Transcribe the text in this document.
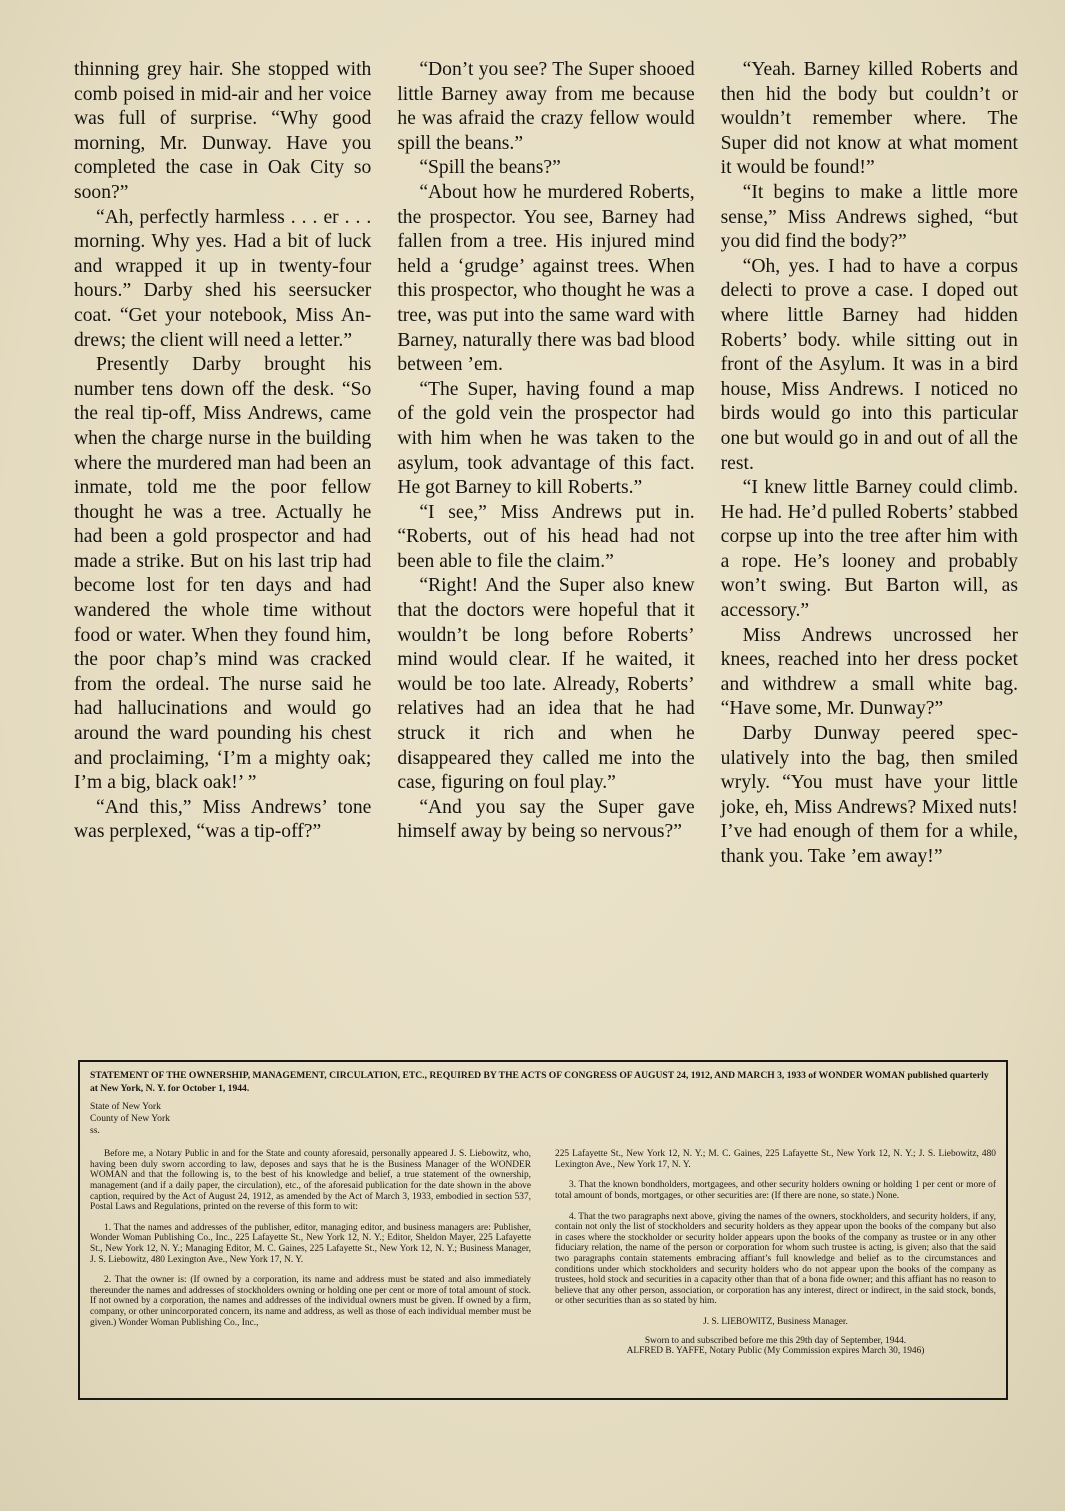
thinning grey hair. She stopped with comb poised in mid-air and her voice was full of surprise. “Why good morning, Mr. Dunway. Have you completed the case in Oak City so soon?”

“Ah, perfectly harmless . . . er . . . morning. Why yes. Had a bit of luck and wrapped it up in twenty-four hours.” Darby shed his seersucker coat. “Get your notebook, Miss Andrews; the client will need a letter.”

Presently Darby brought his number tens down off the desk. “So the real tip-off, Miss Andrews, came when the charge nurse in the building where the murdered man had been an inmate, told me the poor fellow thought he was a tree. Actually he had been a gold prospector and had made a strike. But on his last trip had become lost for ten days and had wandered the whole time without food or water. When they found him, the poor chap’s mind was cracked from the ordeal. The nurse said he had hallucinations and would go around the ward pounding his chest and proclaiming, ‘I’m a mighty oak; I’m a big, black oak!’ ”

“And this,” Miss Andrews’ tone was perplexed, “was a tip-off?”

“Don’t you see? The Super shooed little Barney away from me because he was afraid the crazy fellow would spill the beans.”

“Spill the beans?”

“About how he murdered Roberts, the prospector. You see, Barney had fallen from a tree. His injured mind held a ‘grudge’ against trees. When this prospector, who thought he was a tree, was put into the same ward with Barney, naturally there was bad blood between ’em.

“The Super, having found a map of the gold vein the prospector had with him when he was taken to the asylum, took advantage of this fact. He got Barney to kill Roberts.”

“I see,” Miss Andrews put in. “Roberts, out of his head had not been able to file the claim.”

“Right! And the Super also knew that the doctors were hopeful that it wouldn’t be long before Roberts’ mind would clear. If he waited, it would be too late. Already, Roberts’ relatives had an idea that he had struck it rich and when he disappeared they called me into the case, figuring on foul play.”

“And you say the Super gave himself away by being so nervous?”

“Yeah. Barney killed Roberts and then hid the body but couldn’t or wouldn’t remember where. The Super did not know at what moment it would be found!”

“It begins to make a little more sense,” Miss Andrews sighed, “but you did find the body?”

“Oh, yes. I had to have a corpus delecti to prove a case. I doped out where little Barney had hidden Roberts’ body. while sitting out in front of the Asylum. It was in a bird house, Miss Andrews. I noticed no birds would go into this particular one but would go in and out of all the rest.

“I knew little Barney could climb. He had. He’d pulled Roberts’ stabbed corpse up into the tree after him with a rope. He’s looney and probably won’t swing. But Barton will, as accessory.”

Miss Andrews uncrossed her knees, reached into her dress pocket and withdrew a small white bag. “Have some, Mr. Dunway?”

Darby Dunway peered speculatively into the bag, then smiled wryly. “You must have your little joke, eh, Miss Andrews? Mixed nuts! I’ve had enough of them for a while, thank you. Take ’em away!”

STATEMENT OF THE OWNERSHIP, MANAGEMENT, CIRCULATION, ETC., REQUIRED BY THE ACTS OF CONGRESS OF AUGUST 24, 1912, AND MARCH 3, 1933 of WONDER WOMAN published quarterly at New York, N. Y. for October 1, 1944.
State of New York
County of New York
ss.

Before me, a Notary Public in and for the State and county aforesaid, personally appeared J. S. Liebowitz, who, having been duly sworn according to law, deposes and says that he is the Business Manager of the WONDER WOMAN and that the following is, to the best of his knowledge and belief, a true statement of the ownership, management (and if a daily paper, the circulation), etc., of the aforesaid publication for the date shown in the above caption, required by the Act of August 24, 1912, as amended by the Act of March 3, 1933, embodied in section 537, Postal Laws and Regulations, printed on the reverse of this form to wit:

1. That the names and addresses of the publisher, editor, managing editor, and business managers are: Publisher, Wonder Woman Publishing Co., Inc., 225 Lafayette St., New York 12, N. Y.; Editor, Sheldon Mayer, 225 Lafayette St., New York 12, N. Y.; Managing Editor, M. C. Gaines, 225 Lafayette St., New York 12, N. Y.; Business Manager, J. S. Liebowitz, 480 Lexington Ave., New York 17, N. Y.

2. That the owner is: (If owned by a corporation, its name and address must be stated and also immediately thereunder the names and addresses of stockholders owning or holding one per cent or more of total amount of stock. If not owned by a corporation, the names and addresses of the individual owners must be given. If owned by a firm, company, or other unincorporated concern, its name and address, as well as those of each individual member must be given.) Wonder Woman Publishing Co., Inc.,

225 Lafayette St., New York 12, N. Y.; M. C. Gaines, 225 Lafayette St., New York 12, N. Y.; J. S. Liebowitz, 480 Lexington Ave., New York 17, N. Y.

3. That the known bondholders, mortgagees, and other security holders owning or holding 1 per cent or more of total amount of bonds, mortgages, or other securities are: (If there are none, so state.) None.

4. That the two paragraphs next above, giving the names of the owners, stockholders, and security holders, if any, contain not only the list of stockholders and security holders as they appear upon the books of the company but also in cases where the stockholder or security holder appears upon the books of the company as trustee or in any other fiduciary relation, the name of the person or corporation for whom such trustee is acting, is given; also that the said two paragraphs contain statements embracing affiant’s full knowledge and belief as to the circumstances and conditions under which stockholders and security holders who do not appear upon the books of the company as trustees, hold stock and securities in a capacity other than that of a bona fide owner; and this affiant has no reason to believe that any other person, association, or corporation has any interest, direct or indirect, in the said stock, bonds, or other securities than as so stated by him.

J. S. LIEBOWITZ, Business Manager.
Sworn to and subscribed before me this 29th day of September, 1944.
ALFRED B. YAFFE, Notary Public (My Commission expires March 30, 1946)
